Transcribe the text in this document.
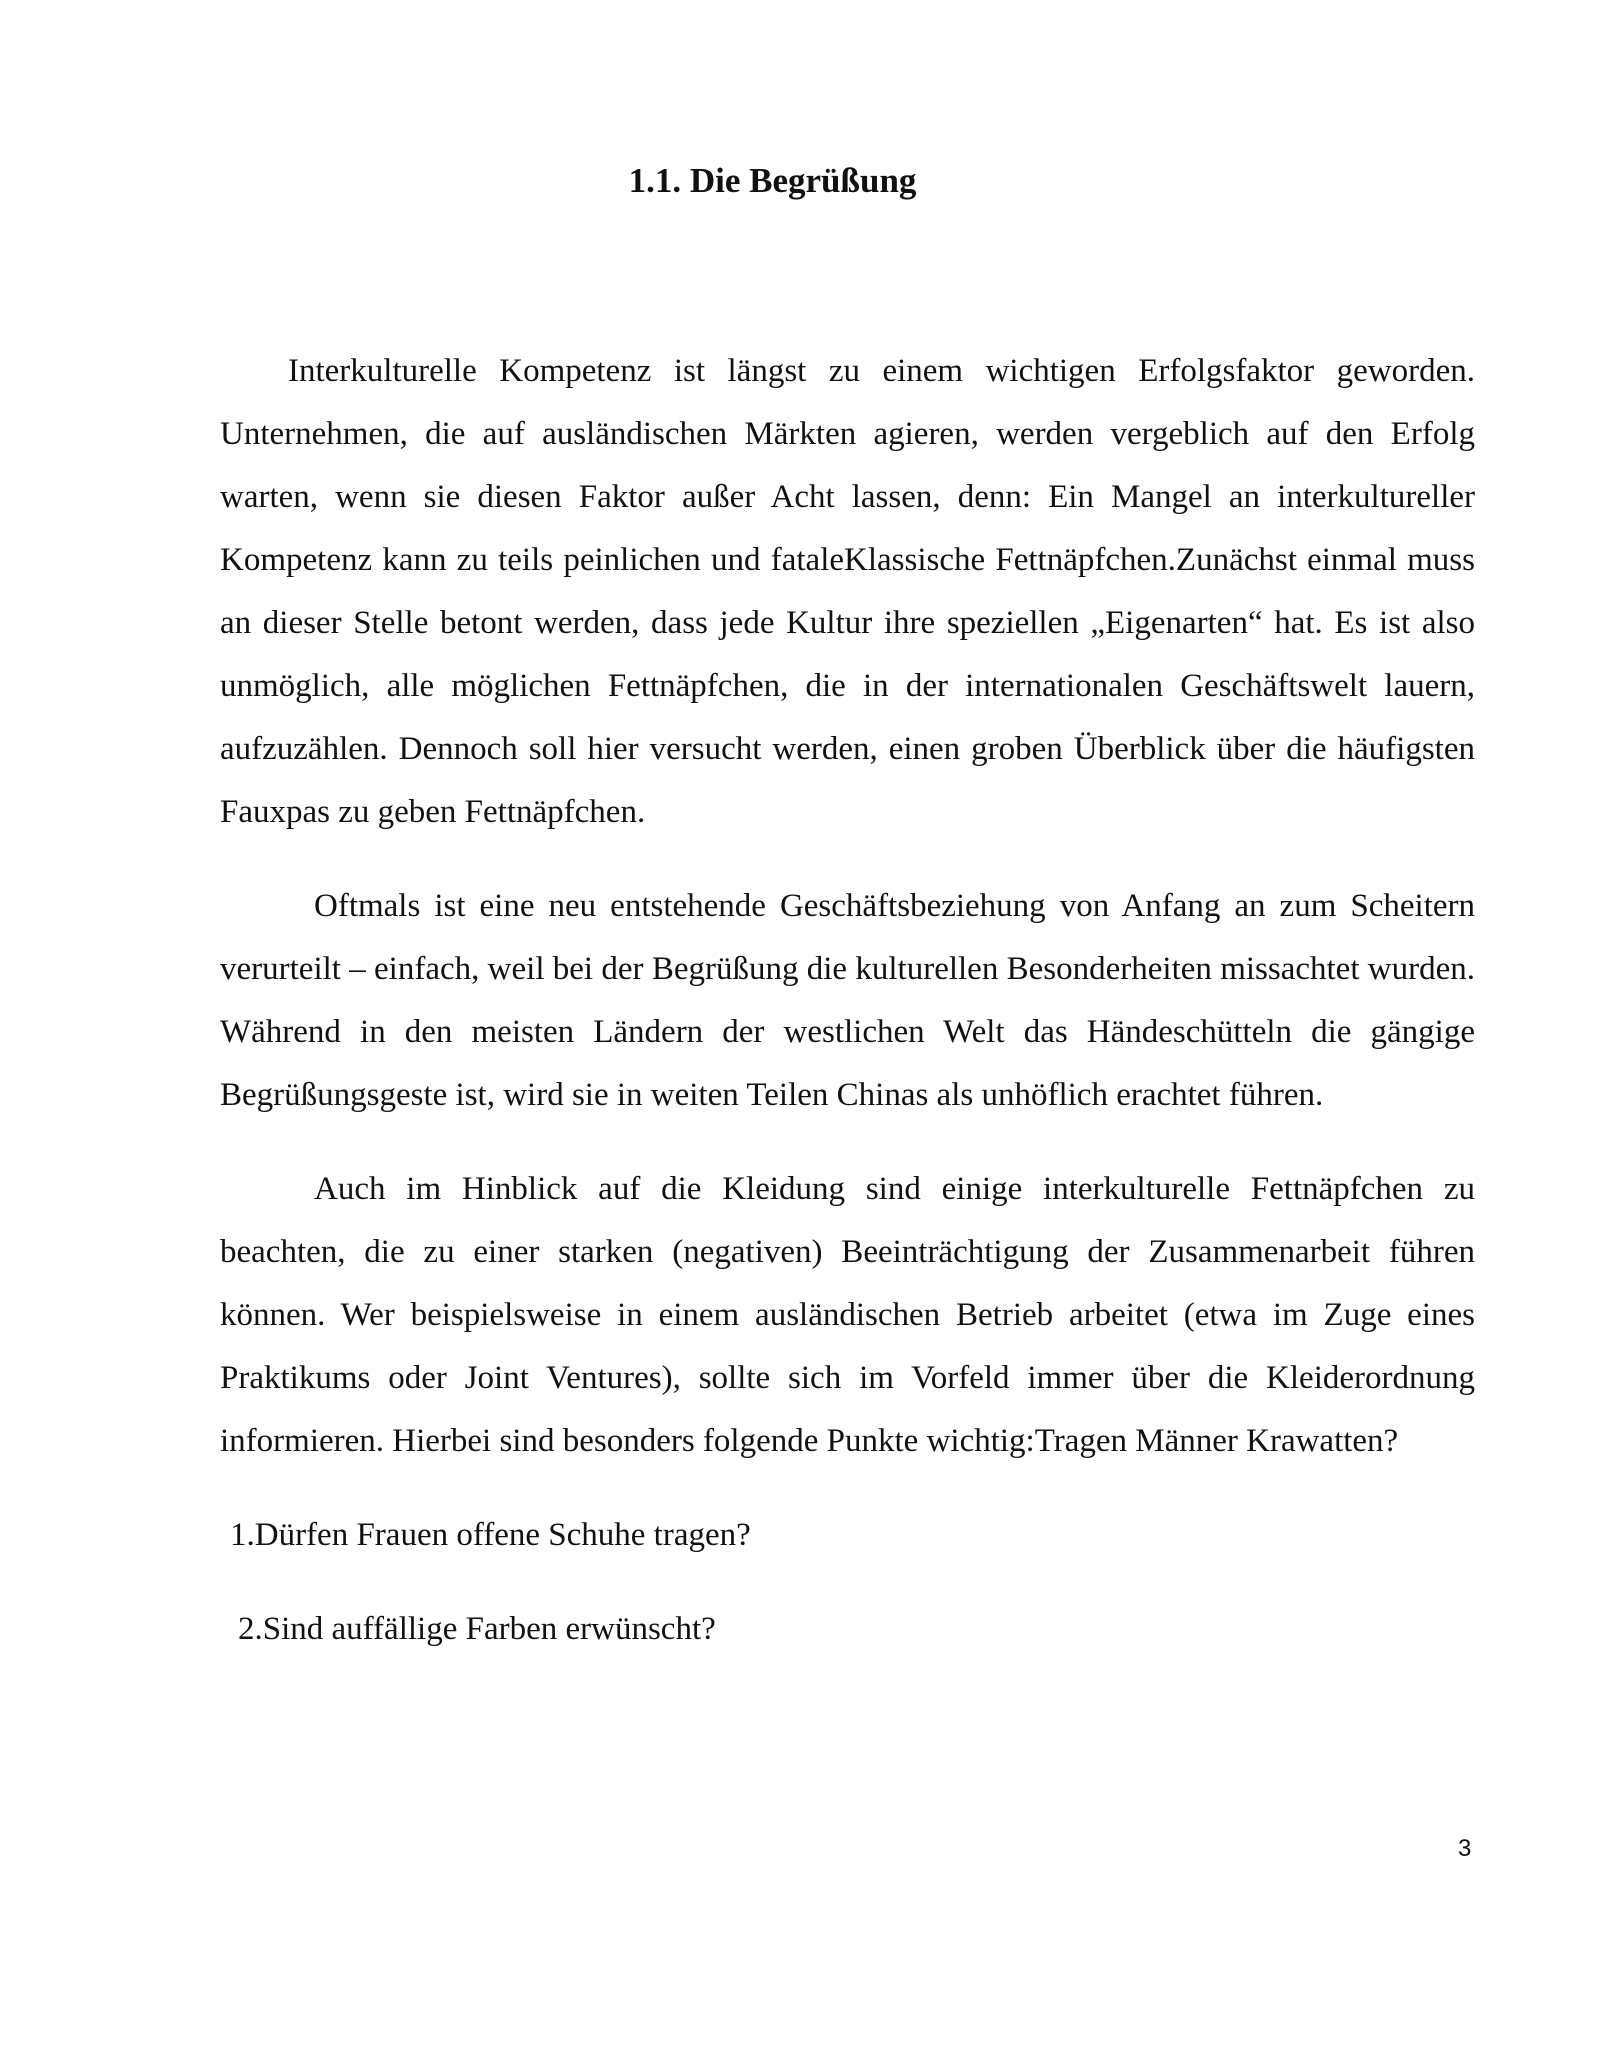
1.1. Die Begrüßung

Interkulturelle Kompetenz ist längst zu einem wichtigen Erfolgsfaktor geworden. Unternehmen, die auf ausländischen Märkten agieren, werden vergeblich auf den Erfolg warten, wenn sie diesen Faktor außer Acht lassen, denn: Ein Mangel an interkultureller Kompetenz kann zu teils peinlichen und fataleKlassische Fettnäpfchen.Zunächst einmal muss an dieser Stelle betont werden, dass jede Kultur ihre speziellen „Eigenarten“ hat. Es ist also unmöglich, alle möglichen Fettnäpfchen, die in der internationalen Geschäftswelt lauern, aufzuzählen. Dennoch soll hier versucht werden, einen groben Überblick über die häufigsten Fauxpas zu geben Fettnäpfchen.

Oftmals ist eine neu entstehende Geschäftsbeziehung von Anfang an zum Scheitern verurteilt – einfach, weil bei der Begrüßung die kulturellen Besonderheiten missachtet wurden. Während in den meisten Ländern der westlichen Welt das Händeschütteln die gängige Begrüßungsgeste ist, wird sie in weiten Teilen Chinas als unhöflich erachtet führen.

Auch im Hinblick auf die Kleidung sind einige interkulturelle Fettnäpfchen zu beachten, die zu einer starken (negativen) Beeinträchtigung der Zusammenarbeit führen können. Wer beispielsweise in einem ausländischen Betrieb arbeitet (etwa im Zuge eines Praktikums oder Joint Ventures), sollte sich im Vorfeld immer über die Kleiderordnung informieren. Hierbei sind besonders folgende Punkte wichtig:Tragen Männer Krawatten?

1.Dürfen Frauen offene Schuhe tragen?
2.Sind auffällige Farben erwünscht?
3
